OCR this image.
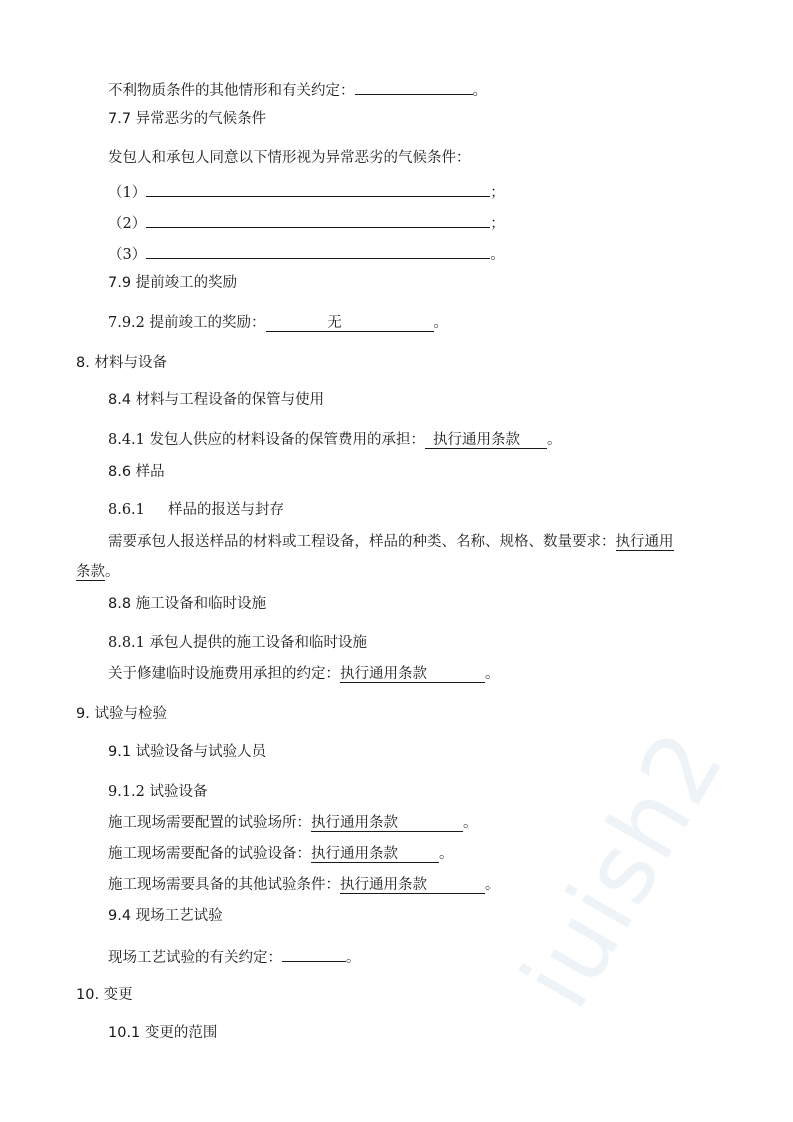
iuish2
不利物质条件的其他情形和有关约定：	。
7.7 异常恶劣的气候条件
发包人和承包人同意以下情形视为异常恶劣的气候条件：
（1）	；
（2）	；
（3）	。
7.9 提前竣工的奖励
7.9.2 提前竣工的奖励：	无	。
8. 材料与设备
8.4 材料与工程设备的保管与使用
8.4.1 发包人供应的材料设备的保管费用的承担： 执行通用条款 。
8.6 样品
8.6.1     样品的报送与封存
需要承包人报送样品的材料或工程设备，样品的种类、名称、规格、数量要求：执行通用
条款。
8.8 施工设备和临时设施
8.8.1 承包人提供的施工设备和临时设施
关于修建临时设施费用承担的约定：执行通用条款	。
9. 试验与检验
9.1 试验设备与试验人员
9.1.2 试验设备
施工现场需要配置的试验场所：执行通用条款	。
施工现场需要配备的试验设备：执行通用条款	。
施工现场需要具备的其他试验条件：执行通用条款	。
9.4 现场工艺试验
现场工艺试验的有关约定：	。
10. 变更
10.1 变更的范围
